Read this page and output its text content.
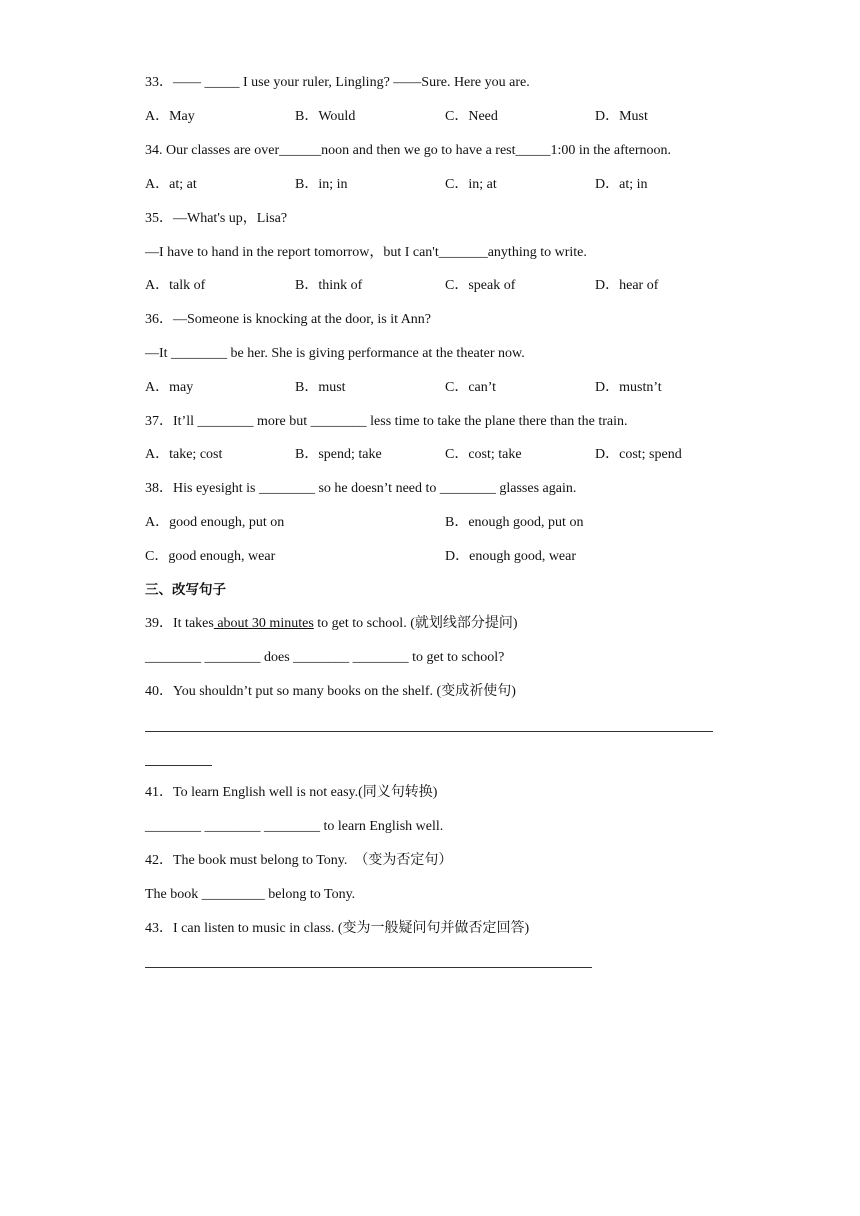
33．—— _____ I use your ruler, Lingling? ——Sure. Here you are.
A．May	B．Would	C．Need	D．Must
34. Our classes are over______noon and then we go to have a rest_____1:00 in the afternoon.
A．at; at	B．in; in	C．in; at	D．at; in
35．—What's up，Lisa?
—I have to hand in the report tomorrow，but I can't_______anything to write.
A．talk of	B．think of	C．speak of	D．hear of
36．—Someone is knocking at the door, is it Ann?
—It ________ be her. She is giving performance at the theater now.
A．may	B．must	C．can’t	D．mustn’t
37．It’ll ________ more but ________ less time to take the plane there than the train.
A．take; cost	B．spend; take	C．cost; take	D．cost; spend
38．His eyesight is ________ so he doesn’t need to ________ glasses again.
A．good enough, put on	B．enough good, put on
C．good enough, wear	D．enough good, wear
三、改写句子
39．It takes about 30 minutes to get to school. (就划线部分提问)
________ ________ does ________ ________ to get to school?
40．You shouldn’t put so many books on the shelf. (变成祈使句)
41．To learn English well is not easy.(同义句转换)
________ ________ ________ to learn English well.
42．The book must belong to Tony.  （变为否定句）
The book _________ belong to Tony.
43．I can listen to music in class. (变为一般疑问句并做否定回答)
